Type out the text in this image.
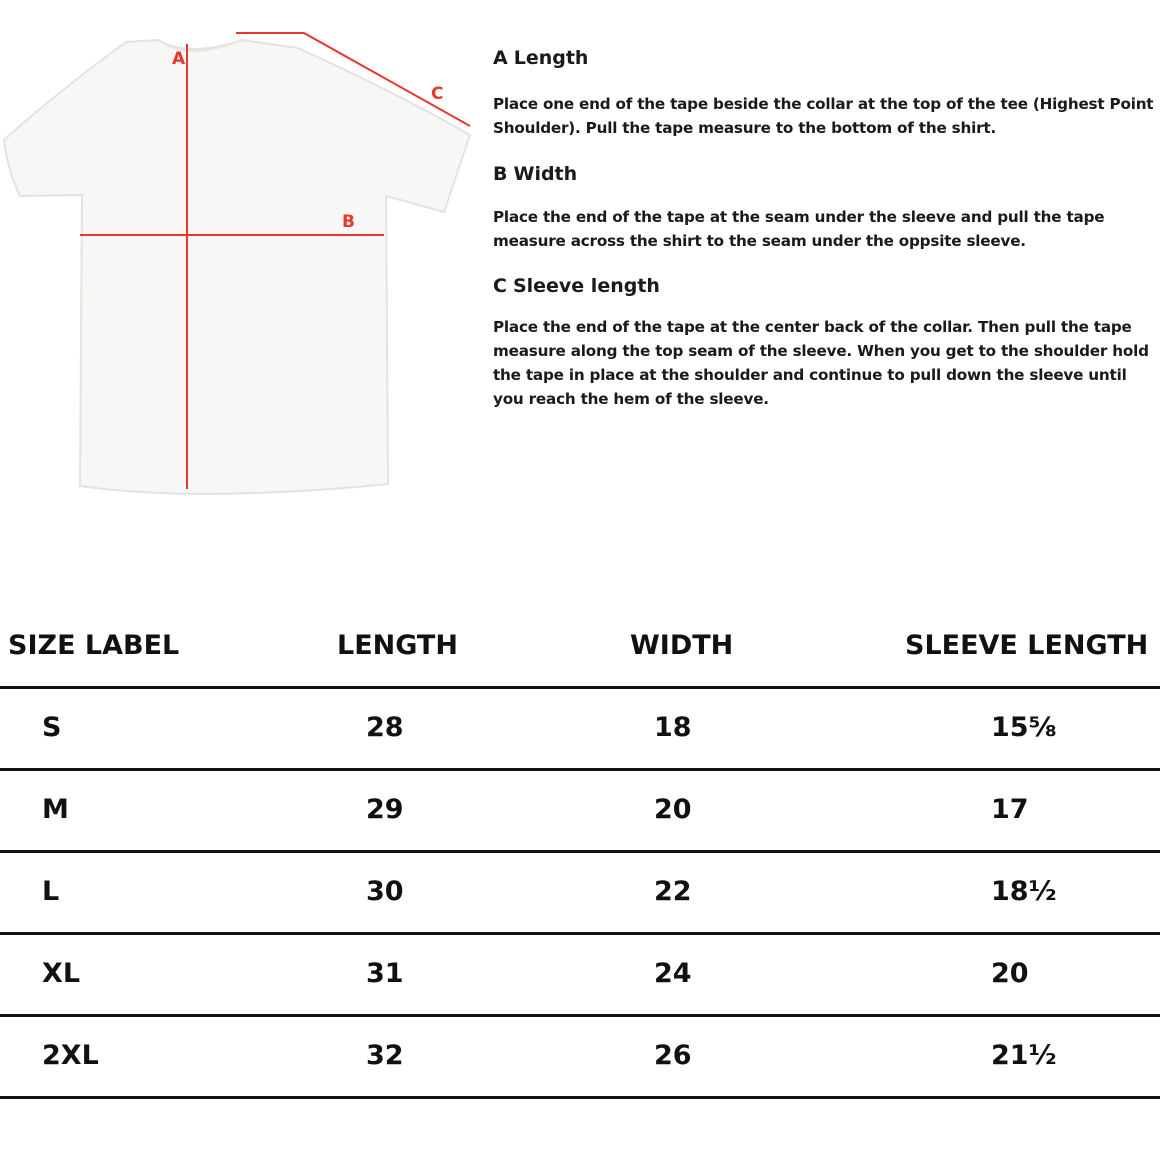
A
B
C

A Length

Place one end of the tape beside the collar at the top of the tee (Highest Point Shoulder). Pull the tape measure to the bottom of the shirt.

B Width

Place the end of the tape at the seam under the sleeve and pull the tape measure across the shirt to the seam under the oppsite sleeve.

C Sleeve length

Place the end of the tape at the center back of the collar. Then pull the tape measure along the top seam of the sleeve. When you get to the shoulder hold the tape in place at the shoulder and continue to pull down the sleeve until you reach the hem of the sleeve.

SIZE LABEL	LENGTH	WIDTH	SLEEVE LENGTH
S	28	18	15⅝
M	29	20	17
L	30	22	18½
XL	31	24	20
2XL	32	26	21½
